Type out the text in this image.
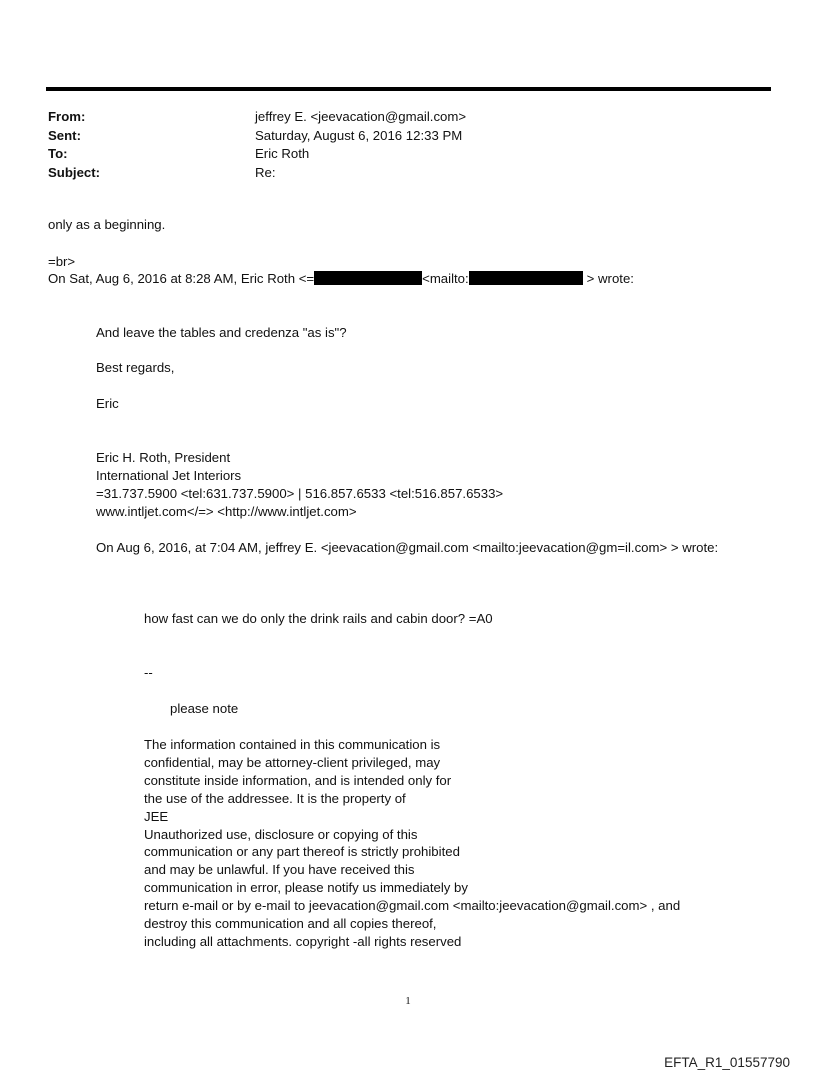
From:	jeffrey E. <jeevacation@gmail.com>
Sent:	Saturday, August 6, 2016 12:33 PM
To:	Eric Roth
Subject:	Re:
only as a beginning.
=br>
On Sat, Aug 6, 2016 at 8:28 AM, Eric Roth <=	<mailto:	> wrote:
And leave the tables and credenza "as is"?
Best regards,
Eric
Eric H. Roth, President
International Jet Interiors
=31.737.5900 <tel:631.737.5900> | 516.857.6533 <tel:516.857.6533>
www.intljet.com</=> <http://www.intljet.com>
On Aug 6, 2016, at 7:04 AM, jeffrey E. <jeevacation@gmail.com <mailto:jeevacation@gm=il.com> > wrote:
how fast can we do only the drink rails and cabin door? =A0
--
please note
The information contained in this communication is
confidential, may be attorney-client privileged, may
constitute inside information, and is intended only for
the use of the addressee. It is the property of
JEE
Unauthorized use, disclosure or copying of this
communication or any part thereof is strictly prohibited
and may be unlawful. If you have received this
communication in error, please notify us immediately by
return e-mail or by e-mail to jeevacation@gmail.com <mailto:jeevacation@gmail.com> , and
destroy this communication and all copies thereof,
including all attachments. copyright -all rights reserved
1
EFTA_R1_01557790
